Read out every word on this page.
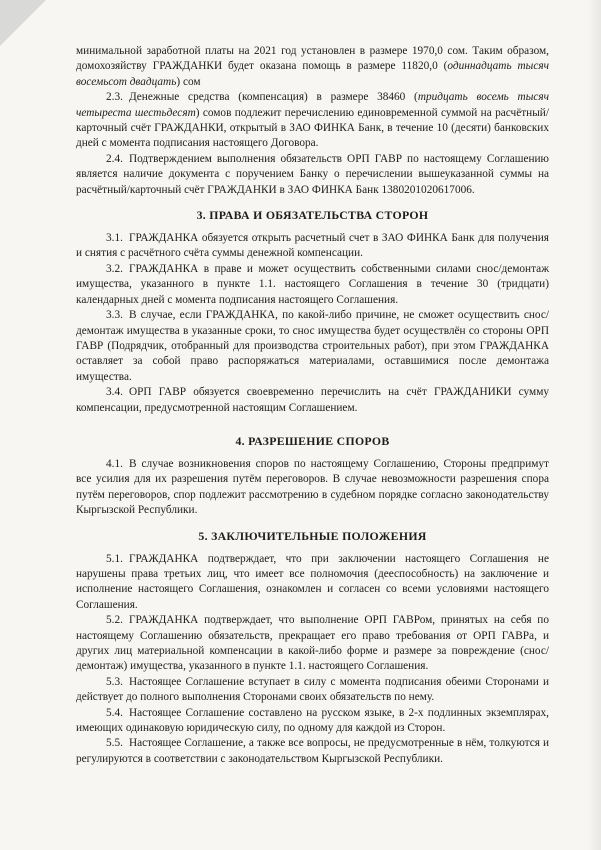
минимальной заработной платы на 2021 год установлен в размере 1970,0 сом. Таким образом, домохозяйству ГРАЖДАНКИ будет оказана помощь в размере 11820,0 (одиннадцать тысяч восемьсот двадцать) сом

2.3. Денежные средства (компенсация) в размере 38460 (тридцать восемь тысяч четыреста шестьдесят) сомов подлежит перечислению единовременной суммой на расчётный/карточный счёт ГРАЖДАНКИ, открытый в ЗАО ФИНКА Банк, в течение 10 (десяти) банковских дней с момента подписания настоящего Договора.

2.4. Подтверждением выполнения обязательств ОРП ГАВР по настоящему Соглашению является наличие документа с поручением Банку о перечислении вышеуказанной суммы на расчётный/карточный счёт ГРАЖДАНКИ в ЗАО ФИНКА Банк 1380201020617006.

3. ПРАВА И ОБЯЗАТЕЛЬСТВА СТОРОН

3.1. ГРАЖДАНКА обязуется открыть расчетный счет в ЗАО ФИНКА Банк для получения и снятия с расчётного счёта суммы денежной компенсации.

3.2. ГРАЖДАНКА в праве и может осуществить собственными силами снос/демонтаж имущества, указанного в пункте 1.1. настоящего Соглашения в течение 30 (тридцати) календарных дней с момента подписания настоящего Соглашения.

3.3. В случае, если ГРАЖДАНКА, по какой-либо причине, не сможет осуществить снос/демонтаж имущества в указанные сроки, то снос имущества будет осуществлён со стороны ОРП ГАВР (Подрядчик, отобранный для производства строительных работ), при этом ГРАЖДАНКА оставляет за собой право распоряжаться материалами, оставшимися после демонтажа имущества.

3.4. ОРП ГАВР обязуется своевременно перечислить на счёт ГРАЖДАНИКИ сумму компенсации, предусмотренной настоящим Соглашением.

4. РАЗРЕШЕНИЕ СПОРОВ

4.1. В случае возникновения споров по настоящему Соглашению, Стороны предпримут все усилия для их разрешения путём переговоров. В случае невозможности разрешения спора путём переговоров, спор подлежит рассмотрению в судебном порядке согласно законодательству Кыргызской Республики.

5. ЗАКЛЮЧИТЕЛЬНЫЕ ПОЛОЖЕНИЯ

5.1. ГРАЖДАНКА подтверждает, что при заключении настоящего Соглашения не нарушены права третьих лиц, что имеет все полномочия (дееспособность) на заключение и исполнение настоящего Соглашения, ознакомлен и согласен со всеми условиями настоящего Соглашения.

5.2. ГРАЖДАНКА подтверждает, что выполнение ОРП ГАВРом, принятых на себя по настоящему Соглашению обязательств, прекращает его право требования от ОРП ГАВРа, и других лиц материальной компенсации в какой-либо форме и размере за повреждение (снос/демонтаж) имущества, указанного в пункте 1.1. настоящего Соглашения.

5.3. Настоящее Соглашение вступает в силу с момента подписания обеими Сторонами и действует до полного выполнения Сторонами своих обязательств по нему.

5.4. Настоящее Соглашение составлено на русском языке, в 2-х подлинных экземплярах, имеющих одинаковую юридическую силу, по одному для каждой из Сторон.

5.5. Настоящее Соглашение, а также все вопросы, не предусмотренные в нём, толкуются и регулируются в соответствии с законодательством Кыргызской Республики.
